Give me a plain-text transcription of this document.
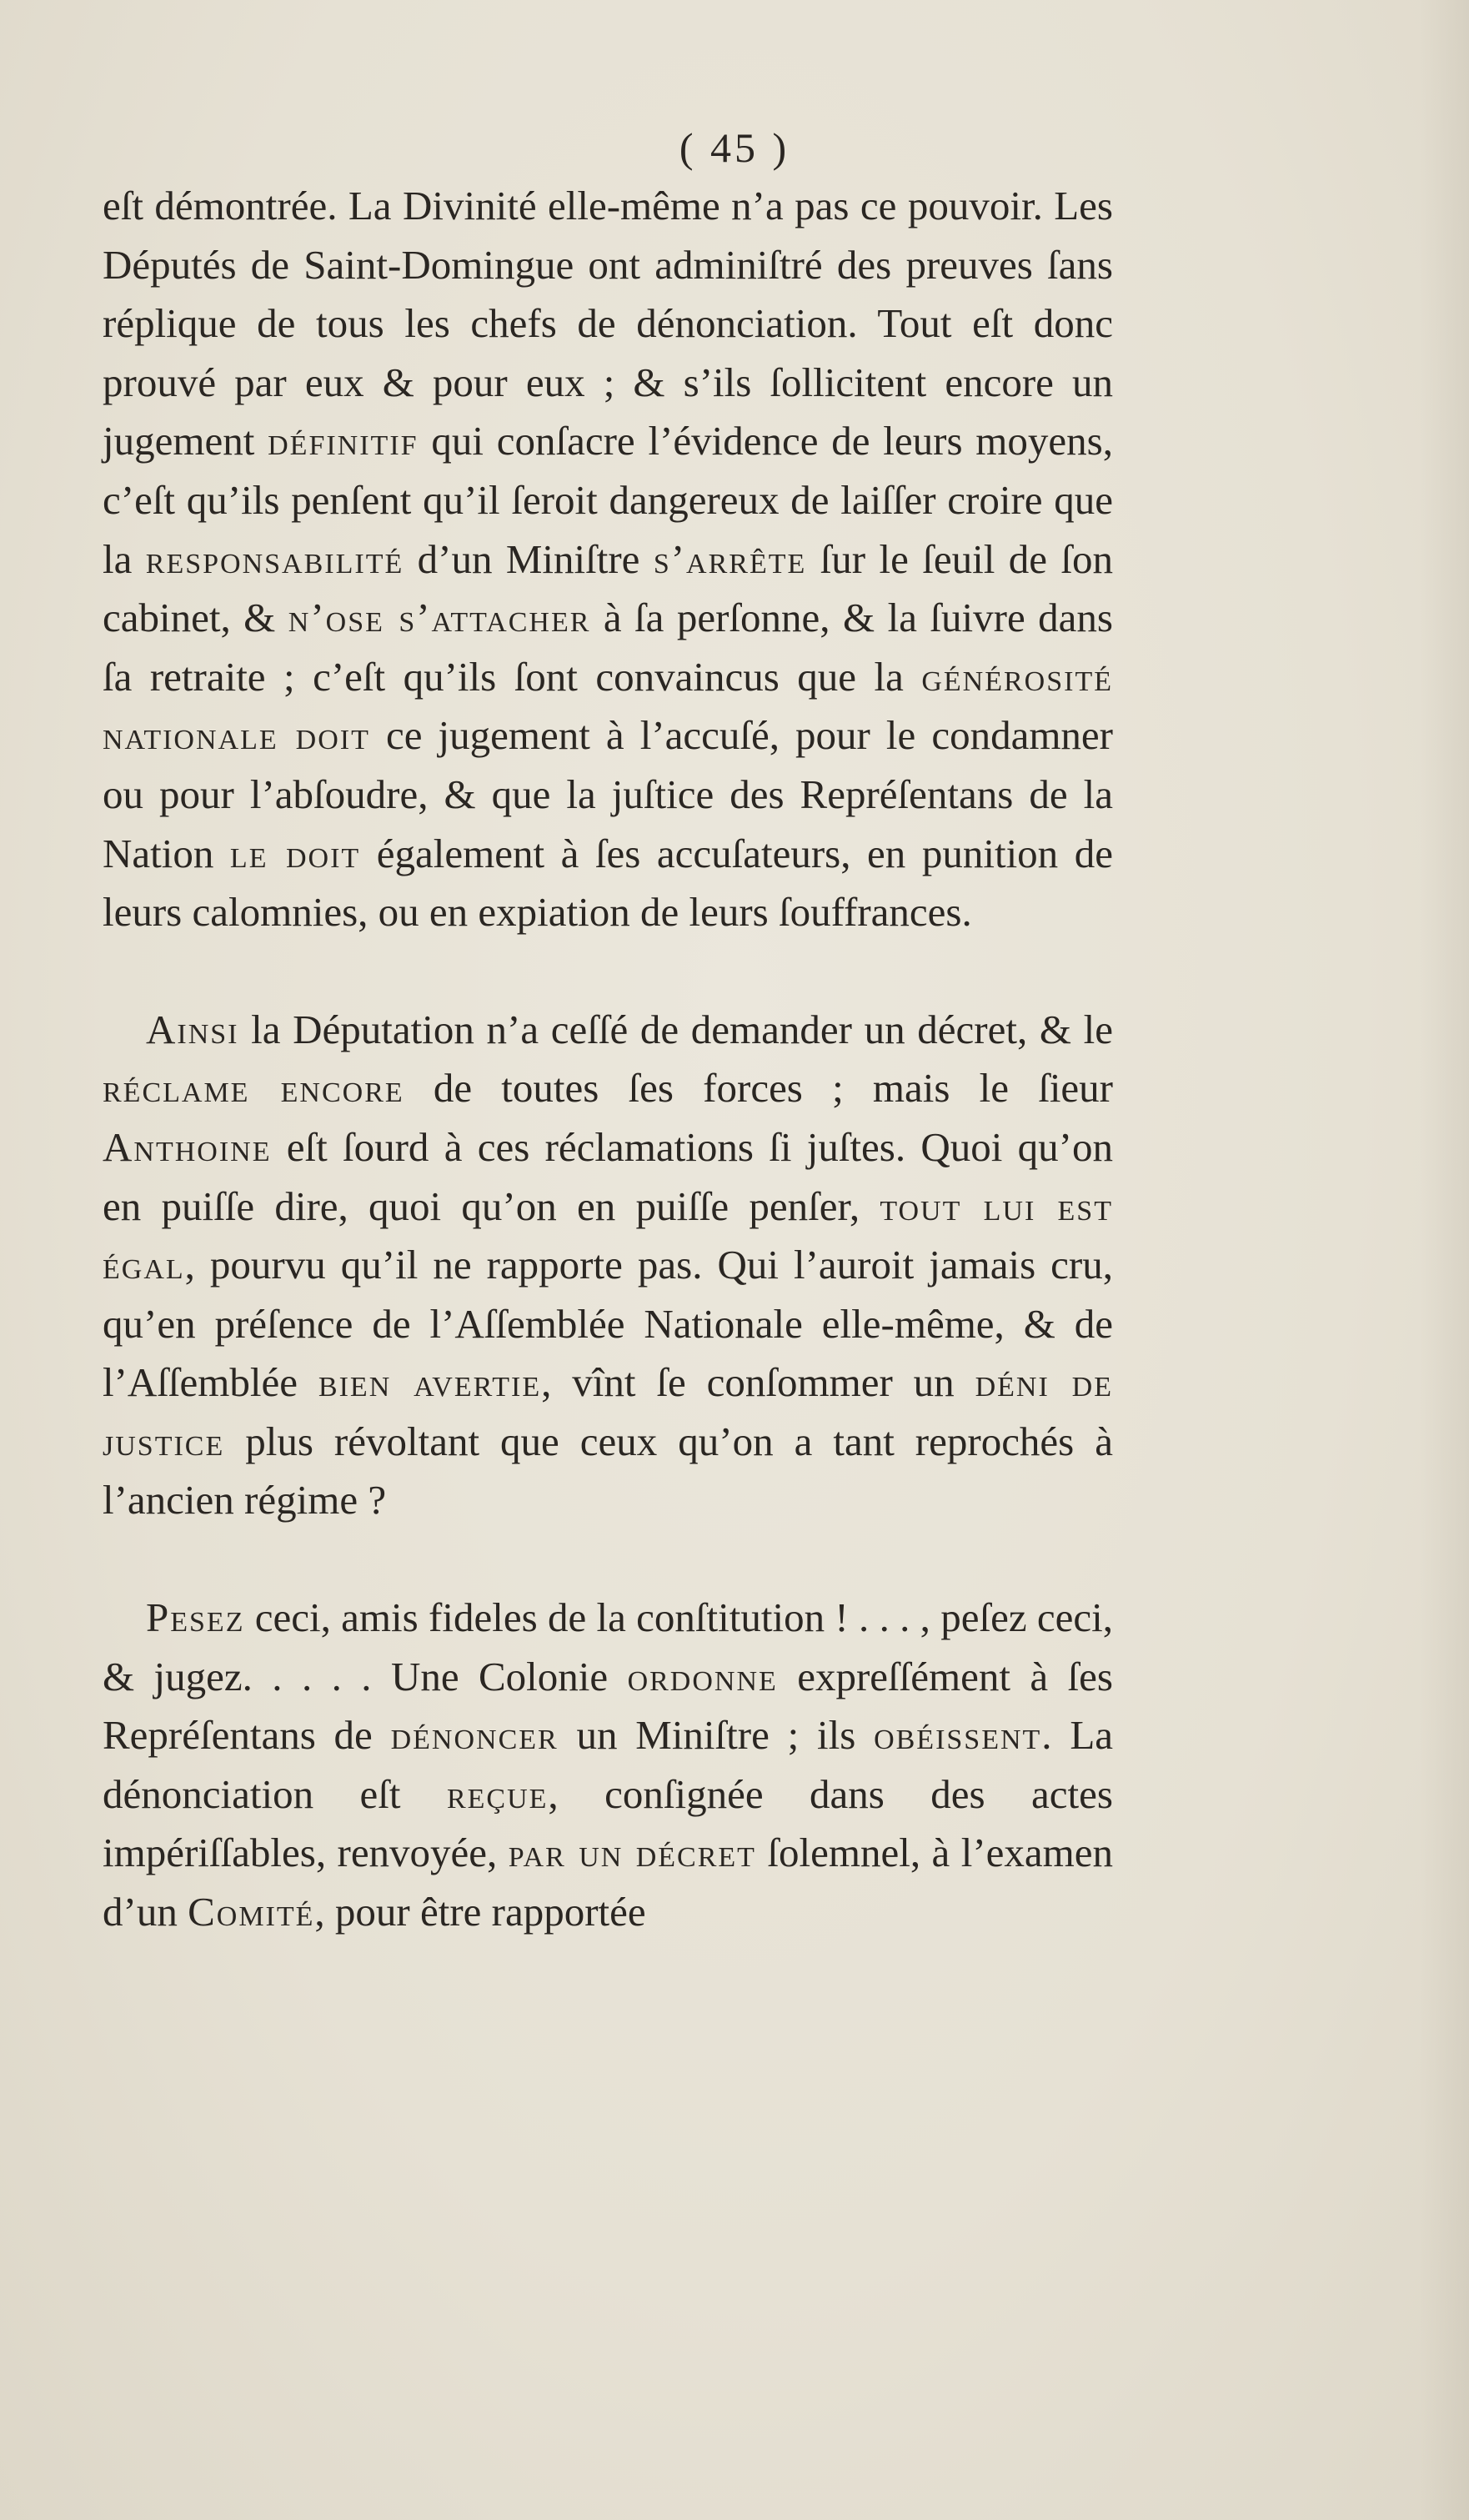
( 45 )

eſt démontrée. La Divinité elle-même n’a pas ce pouvoir. Les Députés de Saint-Domingue ont adminiſtré des preuves ſans réplique de tous les chefs de dénonciation. Tout eſt donc prouvé par eux & pour eux ; & s’ils ſollicitent encore un jugement définitif qui conſacre l’évidence de leurs moyens, c’eſt qu’ils penſent qu’il ſeroit dangereux de laiſſer croire que la responsabilité d’un Miniſtre s’arrête ſur le ſeuil de ſon cabinet, & n’ose s’attacher à ſa perſonne, & la ſuivre dans ſa retraite ; c’eſt qu’ils ſont convaincus que la générosité nationale doit ce jugement à l’accuſé, pour le condamner ou pour l’abſoudre, & que la juſtice des Repréſentans de la Nation le doit également à ſes accuſateurs, en punition de leurs calomnies, ou en expiation de leurs ſouffrances.

Ainsi la Députation n’a ceſſé de demander un décret, & le réclame encore de toutes ſes forces ; mais le ſieur Anthoine eſt ſourd à ces réclamations ſi juſtes. Quoi qu’on en puiſſe dire, quoi qu’on en puiſſe penſer, tout lui est égal, pourvu qu’il ne rapporte pas. Qui l’auroit jamais cru, qu’en préſence de l’Aſſemblée Nationale elle-même, & de l’Aſſemblée bien avertie, vînt ſe conſommer un déni de justice plus révoltant que ceux qu’on a tant reprochés à l’ancien régime ?

Pesez ceci, amis fideles de la conſtitution ! . . . , peſez ceci, & jugez. . . . . Une Colonie ordonne expreſſément à ſes Repréſentans de dénoncer un Miniſtre ; ils obéissent. La dénonciation eſt reçue, conſignée dans des actes impériſſables, renvoyée, par un décret ſolemnel, à l’examen d’un Comité, pour être rapportée
